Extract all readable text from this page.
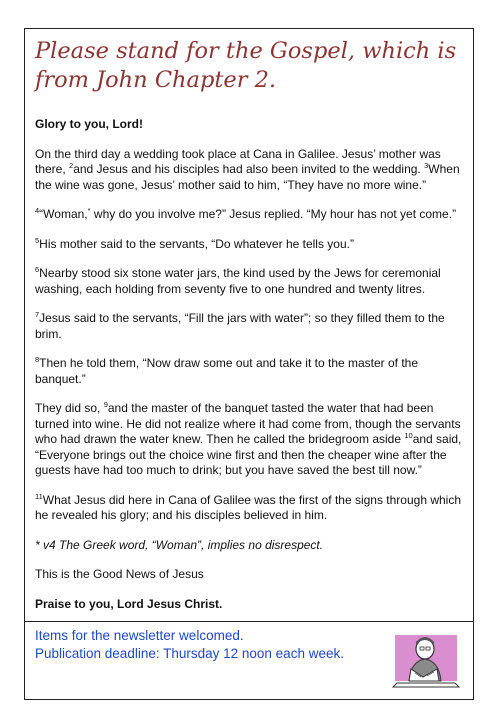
Please stand for the Gospel, which is from John Chapter 2.

Glory to you, Lord!

On the third day a wedding took place at Cana in Galilee. Jesus’ mother was there, $^2$and Jesus and his disciples had also been invited to the wedding. $^3$When the wine was gone, Jesus’ mother said to him, “They have no more wine.”

$^4$“Woman,* why do you involve me?” Jesus replied. “My hour has not yet come.”

$^5$His mother said to the servants, “Do whatever he tells you.”

$^6$Nearby stood six stone water jars, the kind used by the Jews for ceremonial washing, each holding from seventy five to one hundred and twenty litres.

$^7$Jesus said to the servants, “Fill the jars with water”; so they filled them to the brim.

$^8$Then he told them, “Now draw some out and take it to the master of the banquet.”

They did so, $^9$and the master of the banquet tasted the water that had been turned into wine. He did not realize where it had come from, though the servants who had drawn the water knew. Then he called the bridegroom aside $^{10}$and said, “Everyone brings out the choice wine first and then the cheaper wine after the guests have had too much to drink; but you have saved the best till now.”

$^{11}$What Jesus did here in Cana of Galilee was the first of the signs through which he revealed his glory; and his disciples believed in him.

* v4 The Greek word, “Woman”, implies no disrespect.

This is the Good News of Jesus

Praise to you, Lord Jesus Christ.

Items for the newsletter welcomed.
Publication deadline: Thursday 12 noon each week.
